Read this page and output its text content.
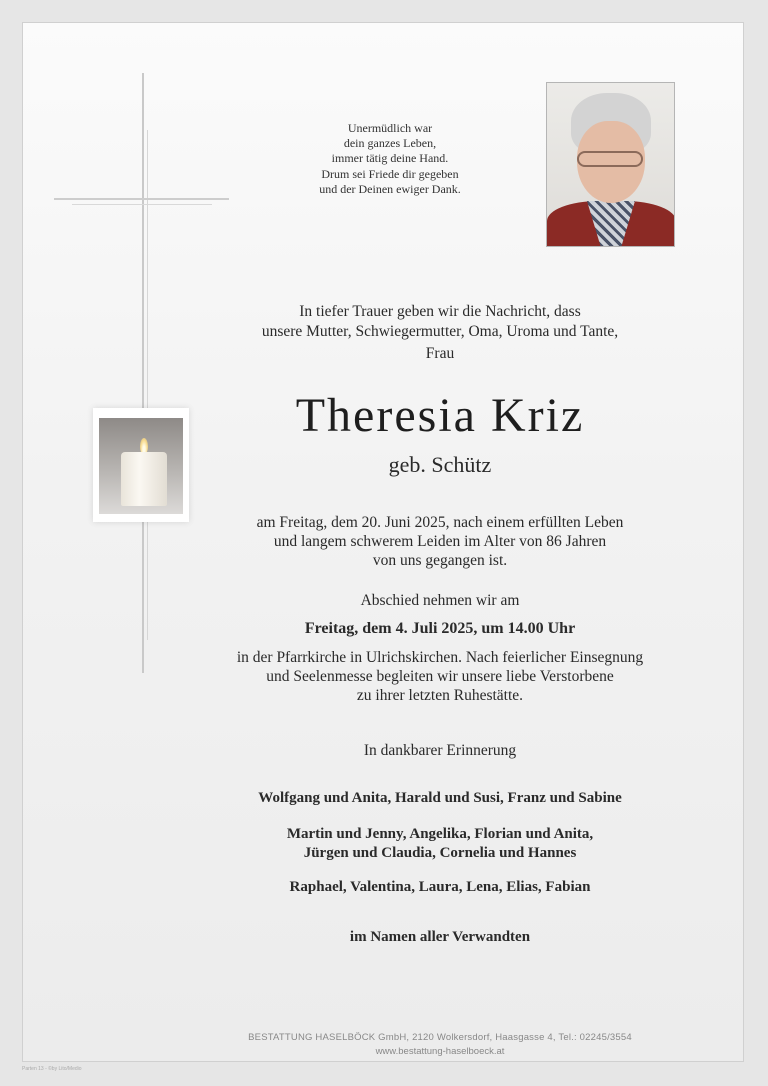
Unermüdlich war
dein ganzes Leben,
immer tätig deine Hand.
Drum sei Friede dir gegeben
und der Deinen ewiger Dank.
In tiefer Trauer geben wir die Nachricht, dass
unsere Mutter, Schwiegermutter, Oma, Uroma und Tante,
Frau
Theresia Kriz
geb. Schütz
am Freitag, dem 20. Juni 2025, nach einem erfüllten Leben
und langem schwerem Leiden im Alter von 86 Jahren
von uns gegangen ist.
Abschied nehmen wir am
Freitag, dem 4. Juli 2025, um 14.00 Uhr
in der Pfarrkirche in Ulrichskirchen. Nach feierlicher Einsegnung
und Seelenmesse begleiten wir unsere liebe Verstorbene
zu ihrer letzten Ruhestätte.
In dankbarer Erinnerung
Wolfgang und Anita, Harald und Susi, Franz und Sabine
Martin und Jenny, Angelika, Florian und Anita,
Jürgen und Claudia, Cornelia und Hannes
Raphael, Valentina, Laura, Lena, Elias, Fabian
im Namen aller Verwandten
BESTATTUNG HASELBÖCK GmbH, 2120 Wolkersdorf, Haasgasse 4, Tel.: 02245/3554
www.bestattung-haselboeck.at
Parten 13 - ©by Lito/Medio
